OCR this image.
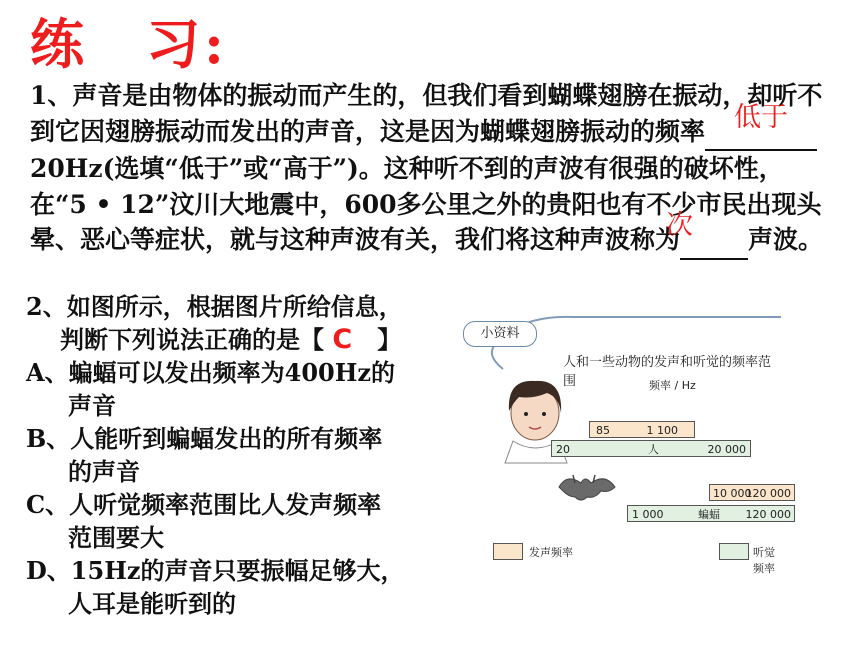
练　习:
1、声音是由物体的振动而产生的，但我们看到蝴蝶翅膀在振动，却听不到它因翅膀振动而发出的声音，这是因为蝴蝶翅膀振动的频率	低于
20Hz(选填“低于”或“高于”)。这种听不到的声波有很强的破坏性，在“5 • 12”汶川大地震中，600多公里之外的贵阳也有不少市民出现头晕、恶心等症状，就与这种声波有关，我们将这种声波称为
次 声波。
2、如图所示，根据图片所给信息，
判断下列说法正确的是【 C 】
A、蝙蝠可以发出频率为400Hz的
声音
B、人能听到蝙蝠发出的所有频率
的声音
C、人听觉频率范围比人发声频率
范围要大
D、15Hz的声音只要振幅足够大，
人耳是能听到的
小资料
人和一些动物的发声和听觉的频率范围	频率 / Hz
85	1 100
20	人	20 000
10 000
120 000
1 000	蝙蝠 120 000
发声频率	听觉频率
